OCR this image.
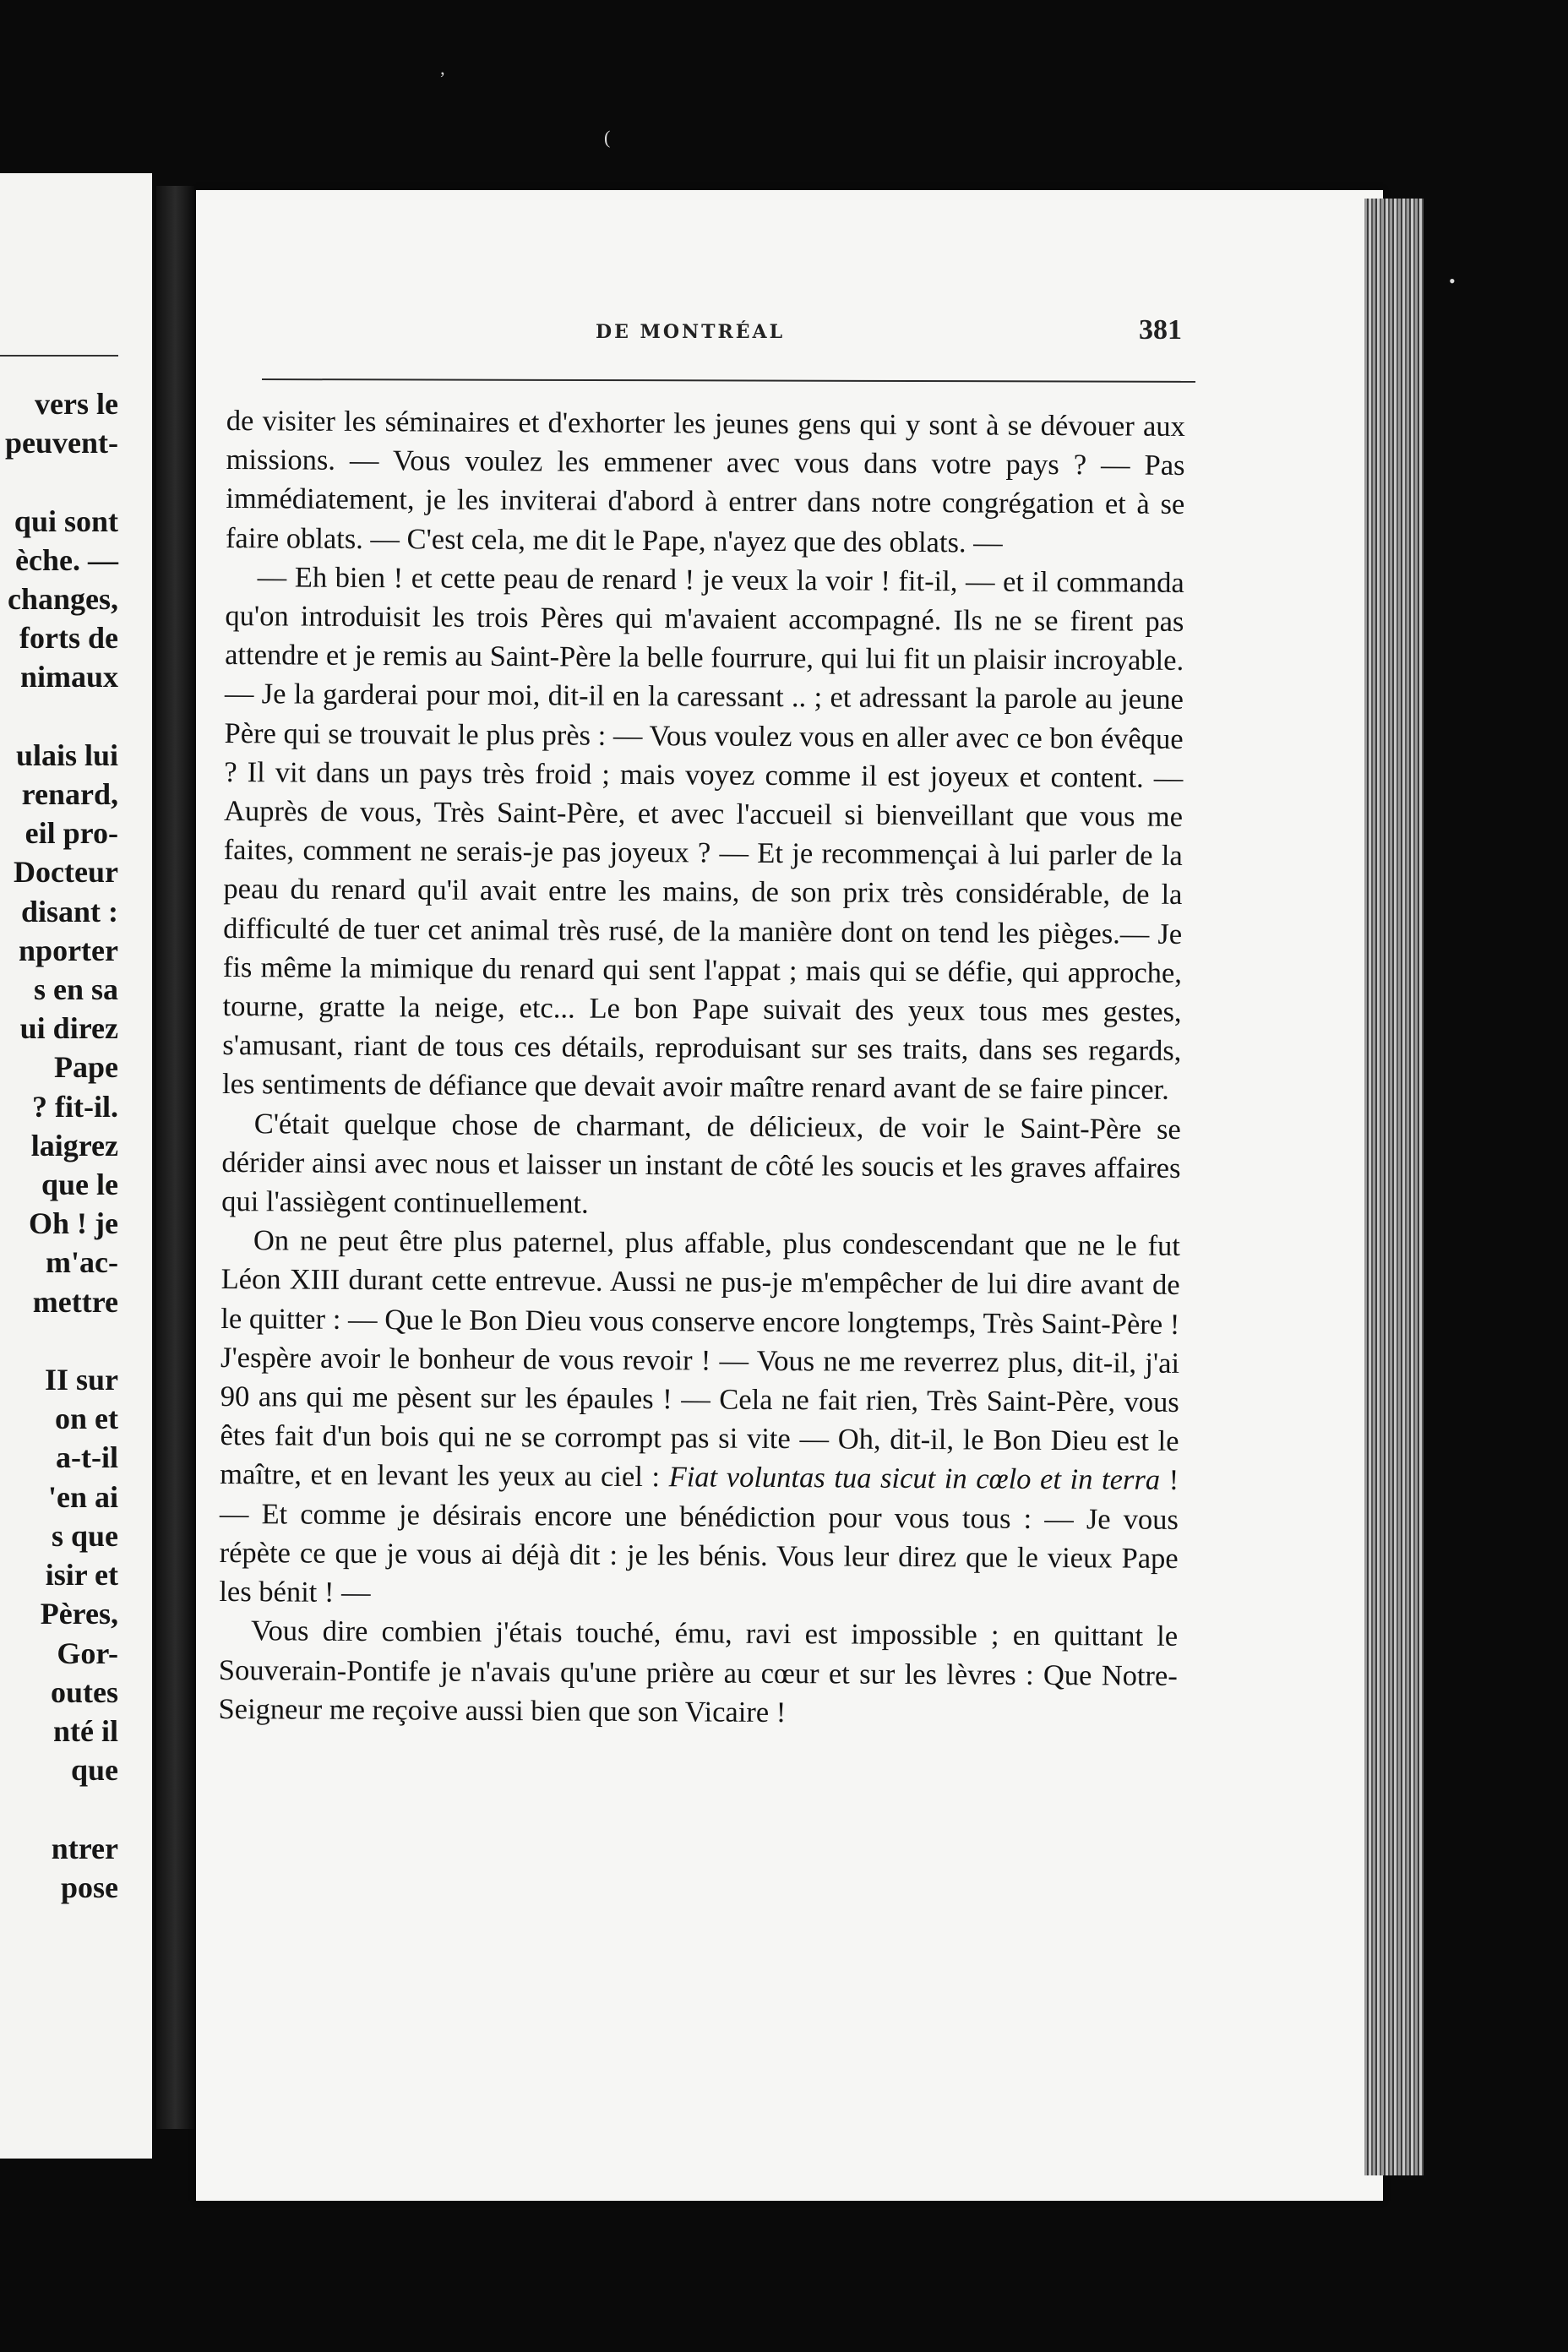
vers le
peuvent-

qui sont
èche. —
changes,
forts de
nimaux

ulais lui
renard,
eil pro-
Docteur
disant :
nporter
s en sa
ui direz
Pape
? fit-il.
laigrez
que le
Oh ! je
m'ac-
mettre

II sur
on et
a-t-il
'en ai
s que
isir et
Pères,
Gor-
outes
nté il
que

ntrer
pose
DE MONTRÉAL	381

de visiter les séminaires et d'exhorter les jeunes gens qui y sont à se dévouer aux missions. — Vous voulez les emmener avec vous dans votre pays ? — Pas immédiatement, je les inviterai d'abord à entrer dans notre congrégation et à se faire oblats. — C'est cela, me dit le Pape, n'ayez que des oblats. —

— Eh bien ! et cette peau de renard ! je veux la voir ! fit-il, — et il commanda qu'on introduisit les trois Pères qui m'avaient accompagné. Ils ne se firent pas attendre et je remis au Saint-Père la belle fourrure, qui lui fit un plaisir incroyable. — Je la garderai pour moi, dit-il en la caressant .. ; et adressant la parole au jeune Père qui se trouvait le plus près : — Vous voulez vous en aller avec ce bon évêque ? Il vit dans un pays très froid ; mais voyez comme il est joyeux et content. — Auprès de vous, Très Saint-Père, et avec l'accueil si bienveillant que vous me faites, comment ne serais-je pas joyeux ? — Et je recommençai à lui parler de la peau du renard qu'il avait entre les mains, de son prix très considérable, de la difficulté de tuer cet animal très rusé, de la manière dont on tend les pièges.— Je fis même la mimique du renard qui sent l'appat ; mais qui se défie, qui approche, tourne, gratte la neige, etc... Le bon Pape suivait des yeux tous mes gestes, s'amusant, riant de tous ces détails, reproduisant sur ses traits, dans ses regards, les sentiments de défiance que devait avoir maître renard avant de se faire pincer.

C'était quelque chose de charmant, de délicieux, de voir le Saint-Père se dérider ainsi avec nous et laisser un instant de côté les soucis et les graves affaires qui l'assiègent continuellement.

On ne peut être plus paternel, plus affable, plus condescendant que ne le fut Léon XIII durant cette entrevue. Aussi ne pus-je m'empêcher de lui dire avant de le quitter : — Que le Bon Dieu vous conserve encore longtemps, Très Saint-Père ! J'espère avoir le bonheur de vous revoir ! — Vous ne me reverrez plus, dit-il, j'ai 90 ans qui me pèsent sur les épaules ! — Cela ne fait rien, Très Saint-Père, vous êtes fait d'un bois qui ne se corrompt pas si vite — Oh, dit-il, le Bon Dieu est le maître, et en levant les yeux au ciel : Fiat voluntas tua sicut in cœlo et in terra ! — Et comme je désirais encore une bénédiction pour vous tous : — Je vous répète ce que je vous ai déjà dit : je les bénis. Vous leur direz que le vieux Pape les bénit ! —

Vous dire combien j'étais touché, ému, ravi est impossible ; en quittant le Souverain-Pontife je n'avais qu'une prière au cœur et sur les lèvres : Que Notre-Seigneur me reçoive aussi bien que son Vicaire !

’
(
•
